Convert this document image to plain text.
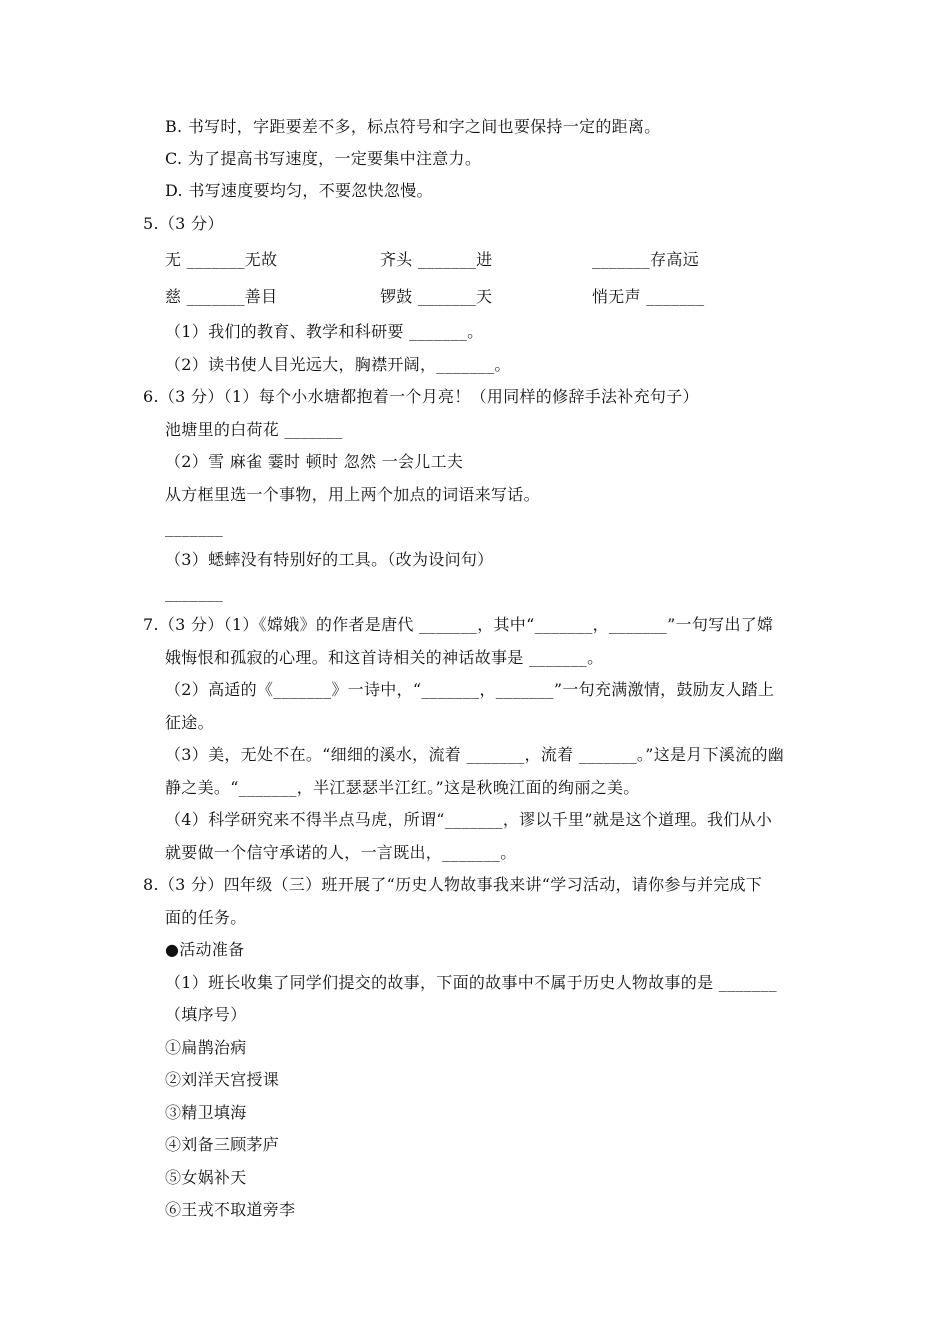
B. 书写时，字距要差不多，标点符号和字之间也要保持一定的距离。
C. 为了提高书写速度，一定要集中注意力。
D. 书写速度要均匀，不要忽快忽慢。
5.（3 分）
无 _______无故	齐头 _______进	_______存高远
慈 _______善目	锣鼓 _______天	悄无声 _______
（1）我们的教育、教学和科研要 _______。
（2）读书使人目光远大，胸襟开阔，_______。
6.（3 分）（1）每个小水塘都抱着一个月亮！（用同样的修辞手法补充句子）
池塘里的白荷花 _______
（2）雪 麻雀 霎时 顿时 忽然 一会儿工夫
从方框里选一个事物，用上两个加点的词语来写话。
_______
（3）蟋蟀没有特别好的工具。（改为设问句）
_______
7.（3 分）（1）《嫦娥》的作者是唐代 _______，其中“_______，_______”一句写出了嫦
娥悔恨和孤寂的心理。和这首诗相关的神话故事是 _______。
（2）高适的《_______》一诗中，“_______，_______”一句充满激情，鼓励友人踏上
征途。
（3）美，无处不在。“细细的溪水，流着 _______，流着 _______。”这是月下溪流的幽
静之美。“_______，半江瑟瑟半江红。”这是秋晚江面的绚丽之美。
（4）科学研究来不得半点马虎，所谓“_______，谬以千里”就是这个道理。我们从小
就要做一个信守承诺的人，一言既出，_______。
8.（3 分）四年级（三）班开展了“历史人物故事我来讲“学习活动，请你参与并完成下
面的任务。
●活动准备
（1）班长收集了同学们提交的故事，下面的故事中不属于历史人物故事的是 _______
（填序号）
①扁鹊治病
②刘洋天宫授课
③精卫填海
④刘备三顾茅庐
⑤女娲补天
⑥王戎不取道旁李
